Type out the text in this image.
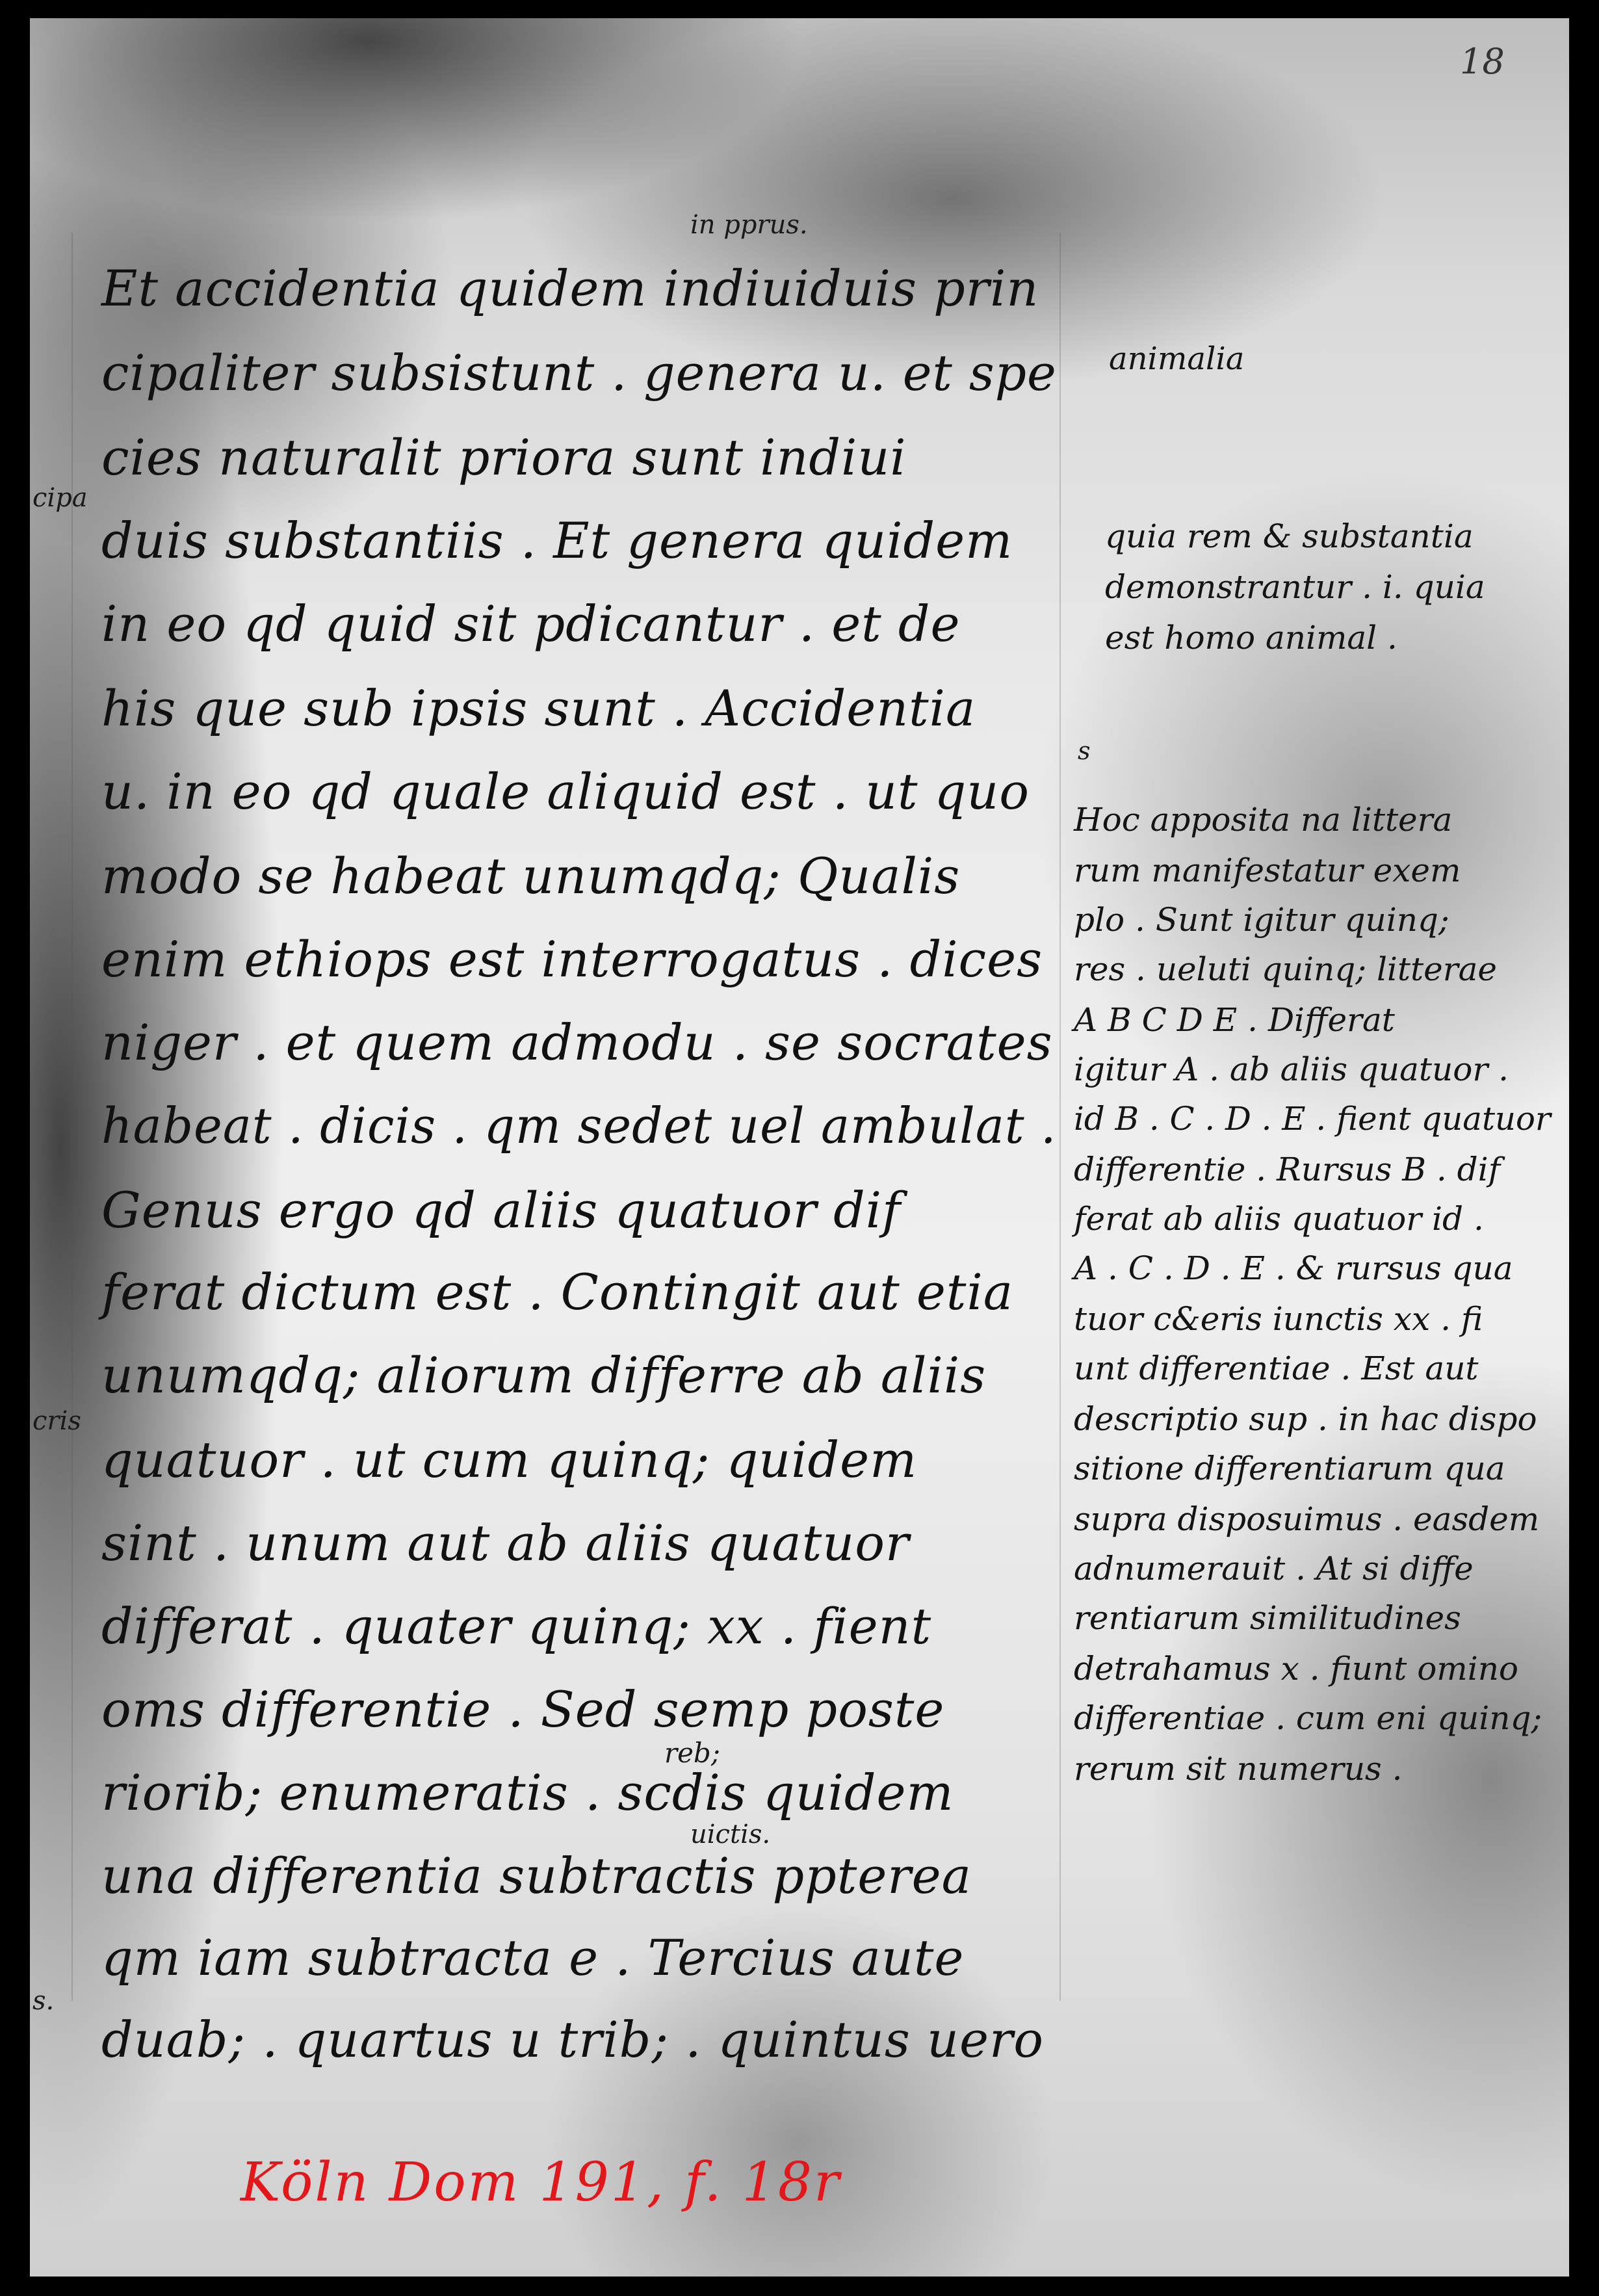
18
in pprus.
Et accidentia quidem indiuiduis prin
cipaliter subsistunt . genera u. et spe
cies naturalit priora sunt indiui
duis substantiis . Et genera quidem
in eo qd quid sit pdicantur . et de
his que sub ipsis sunt . Accidentia
u. in eo qd quale aliquid est . ut quo
modo se habeat unumqdq; Qualis
enim ethiops est interrogatus . dices
niger . et quem admodu . se socrates
habeat . dicis . qm sedet uel ambulat .
Genus ergo qd aliis quatuor dif
ferat dictum est . Contingit aut etia
unumqdq; aliorum differre ab aliis
quatuor . ut cum quinq; quidem
sint . unum aut ab aliis quatuor
differat . quater quinq; xx . fient
oms differentie . Sed semp poste
riorib; enumeratis . scdis quidem
una differentia subtractis ppterea
qm iam subtracta e . Tercius aute
duab; . quartus u trib; . quintus uero
reb;
uictis.
cipa
cris
s.
animalia
quia rem & substantia
demonstrantur . i. quia
est homo animal .
s
Hoc apposita na littera
rum manifestatur exem
plo . Sunt igitur quinq;
res . ueluti quinq; litterae
A B C D E . Differat
igitur A . ab aliis quatuor .
id B . C . D . E . fient quatuor
differentie . Rursus B . dif
ferat ab aliis quatuor id .
A . C . D . E . & rursus qua
tuor c&eris iunctis xx . fi
unt differentiae . Est aut
descriptio sup . in hac dispo
sitione differentiarum qua
supra disposuimus . easdem
adnumerauit . At si diffe
rentiarum similitudines
detrahamus x . fiunt omino
differentiae . cum eni quinq;
rerum sit numerus .
Köln Dom 191, f. 18r
